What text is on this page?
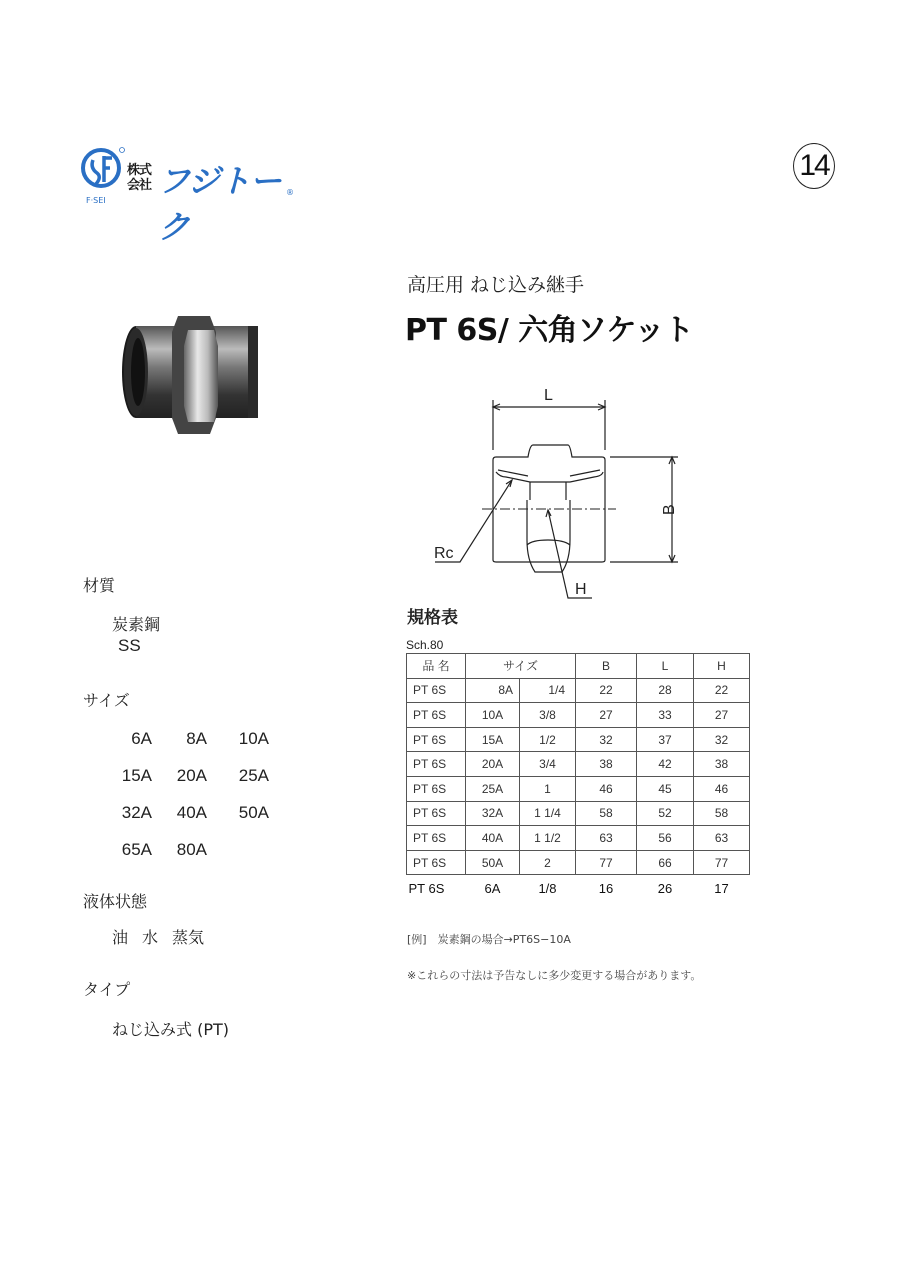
F·SEI
株式
会社 フジトーク
®
14
高圧用 ねじ込み継手
PT 6S/ 六角ソケット
L
B
Rc
H
材質
炭素鋼
SS
サイズ
6A	8A	10A
15A	20A	25A
32A	40A	50A
65A	80A
液体状態
油 水 蒸気
タイプ
ねじ込み式 (PT)
規格表
Sch.80
品 名	サイズ		B	L	H
PT 6S	8A	1/4	22	28	22
PT 6S	10A	3/8	27	33	27
PT 6S	15A	1/2	32	37	32
PT 6S	20A	3/4	38	42	38
PT 6S	25A	1	46	45	46
PT 6S	32A	1 1/4	58	52	58
PT 6S	40A	1 1/2	63	56	63
PT 6S	50A	2	77	66	77
PT 6S	6A	1/8	16	26	17
[例]　炭素鋼の場合→PT6S−10A
※これらの寸法は予告なしに多少変更する場合があります。
